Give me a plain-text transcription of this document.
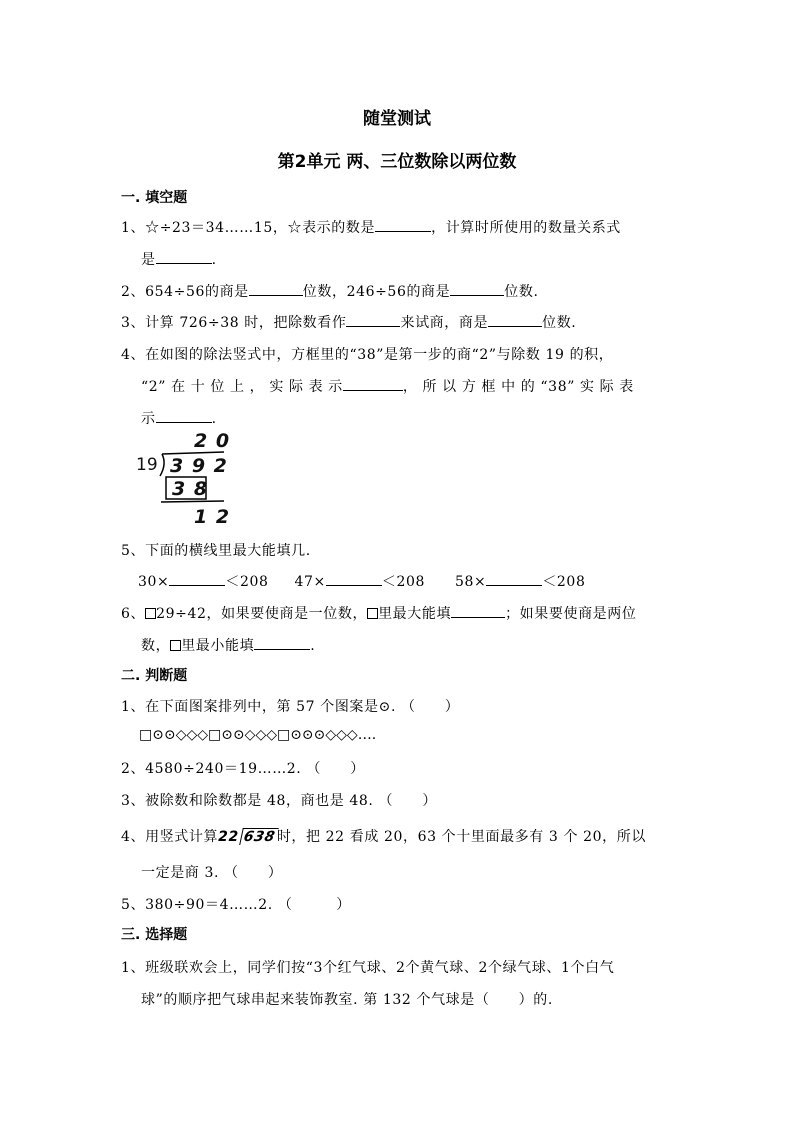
随堂测试
第2单元 两、三位数除以两位数
一. 填空题
1、☆÷23＝34……15，☆表示的数是	，计算时所使用的数量关系式
是	.
2、654÷56的商是	位数，246÷56的商是	位数.
3、计算 726÷38 时，把除数看作	来试商，商是	位数.
4、在如图的除法竖式中，方框里的“38”是第一步的商“2”与除数 19 的积，
“2” 在 十 位 上 ， 实 际 表 示	， 所 以 方 框 中 的 “38” 实 际 表
示	.
2 0
19 3 9 2
3 8
1 2
5、下面的横线里最大能填几.
30×	＜208 47×	＜208 58×	＜208
6、 29÷42，如果要使商是一位数， 里最大能填	；如果要使商是两位
数， 里最小能填	.
二. 判断题
1、在下面图案排列中，第 57 个图案是⊙. （　　）
□⊙⊙◇◇◇□⊙⊙◇◇◇□⊙⊙⊙◇◇◇….
2、4580÷240＝19……2. （　　）
3、被除数和除数都是 48，商也是 48. （　　）
4、用竖式计算22 638时，把 22 看成 20，63 个十里面最多有 3 个 20，所以
一定是商 3. （　　）
5、380÷90＝4……2. （　　　）
三. 选择题
1、班级联欢会上，同学们按“3个红气球、2个黄气球、2个绿气球、1个白气
球”的顺序把气球串起来装饰教室. 第 132 个气球是（　　）的.
